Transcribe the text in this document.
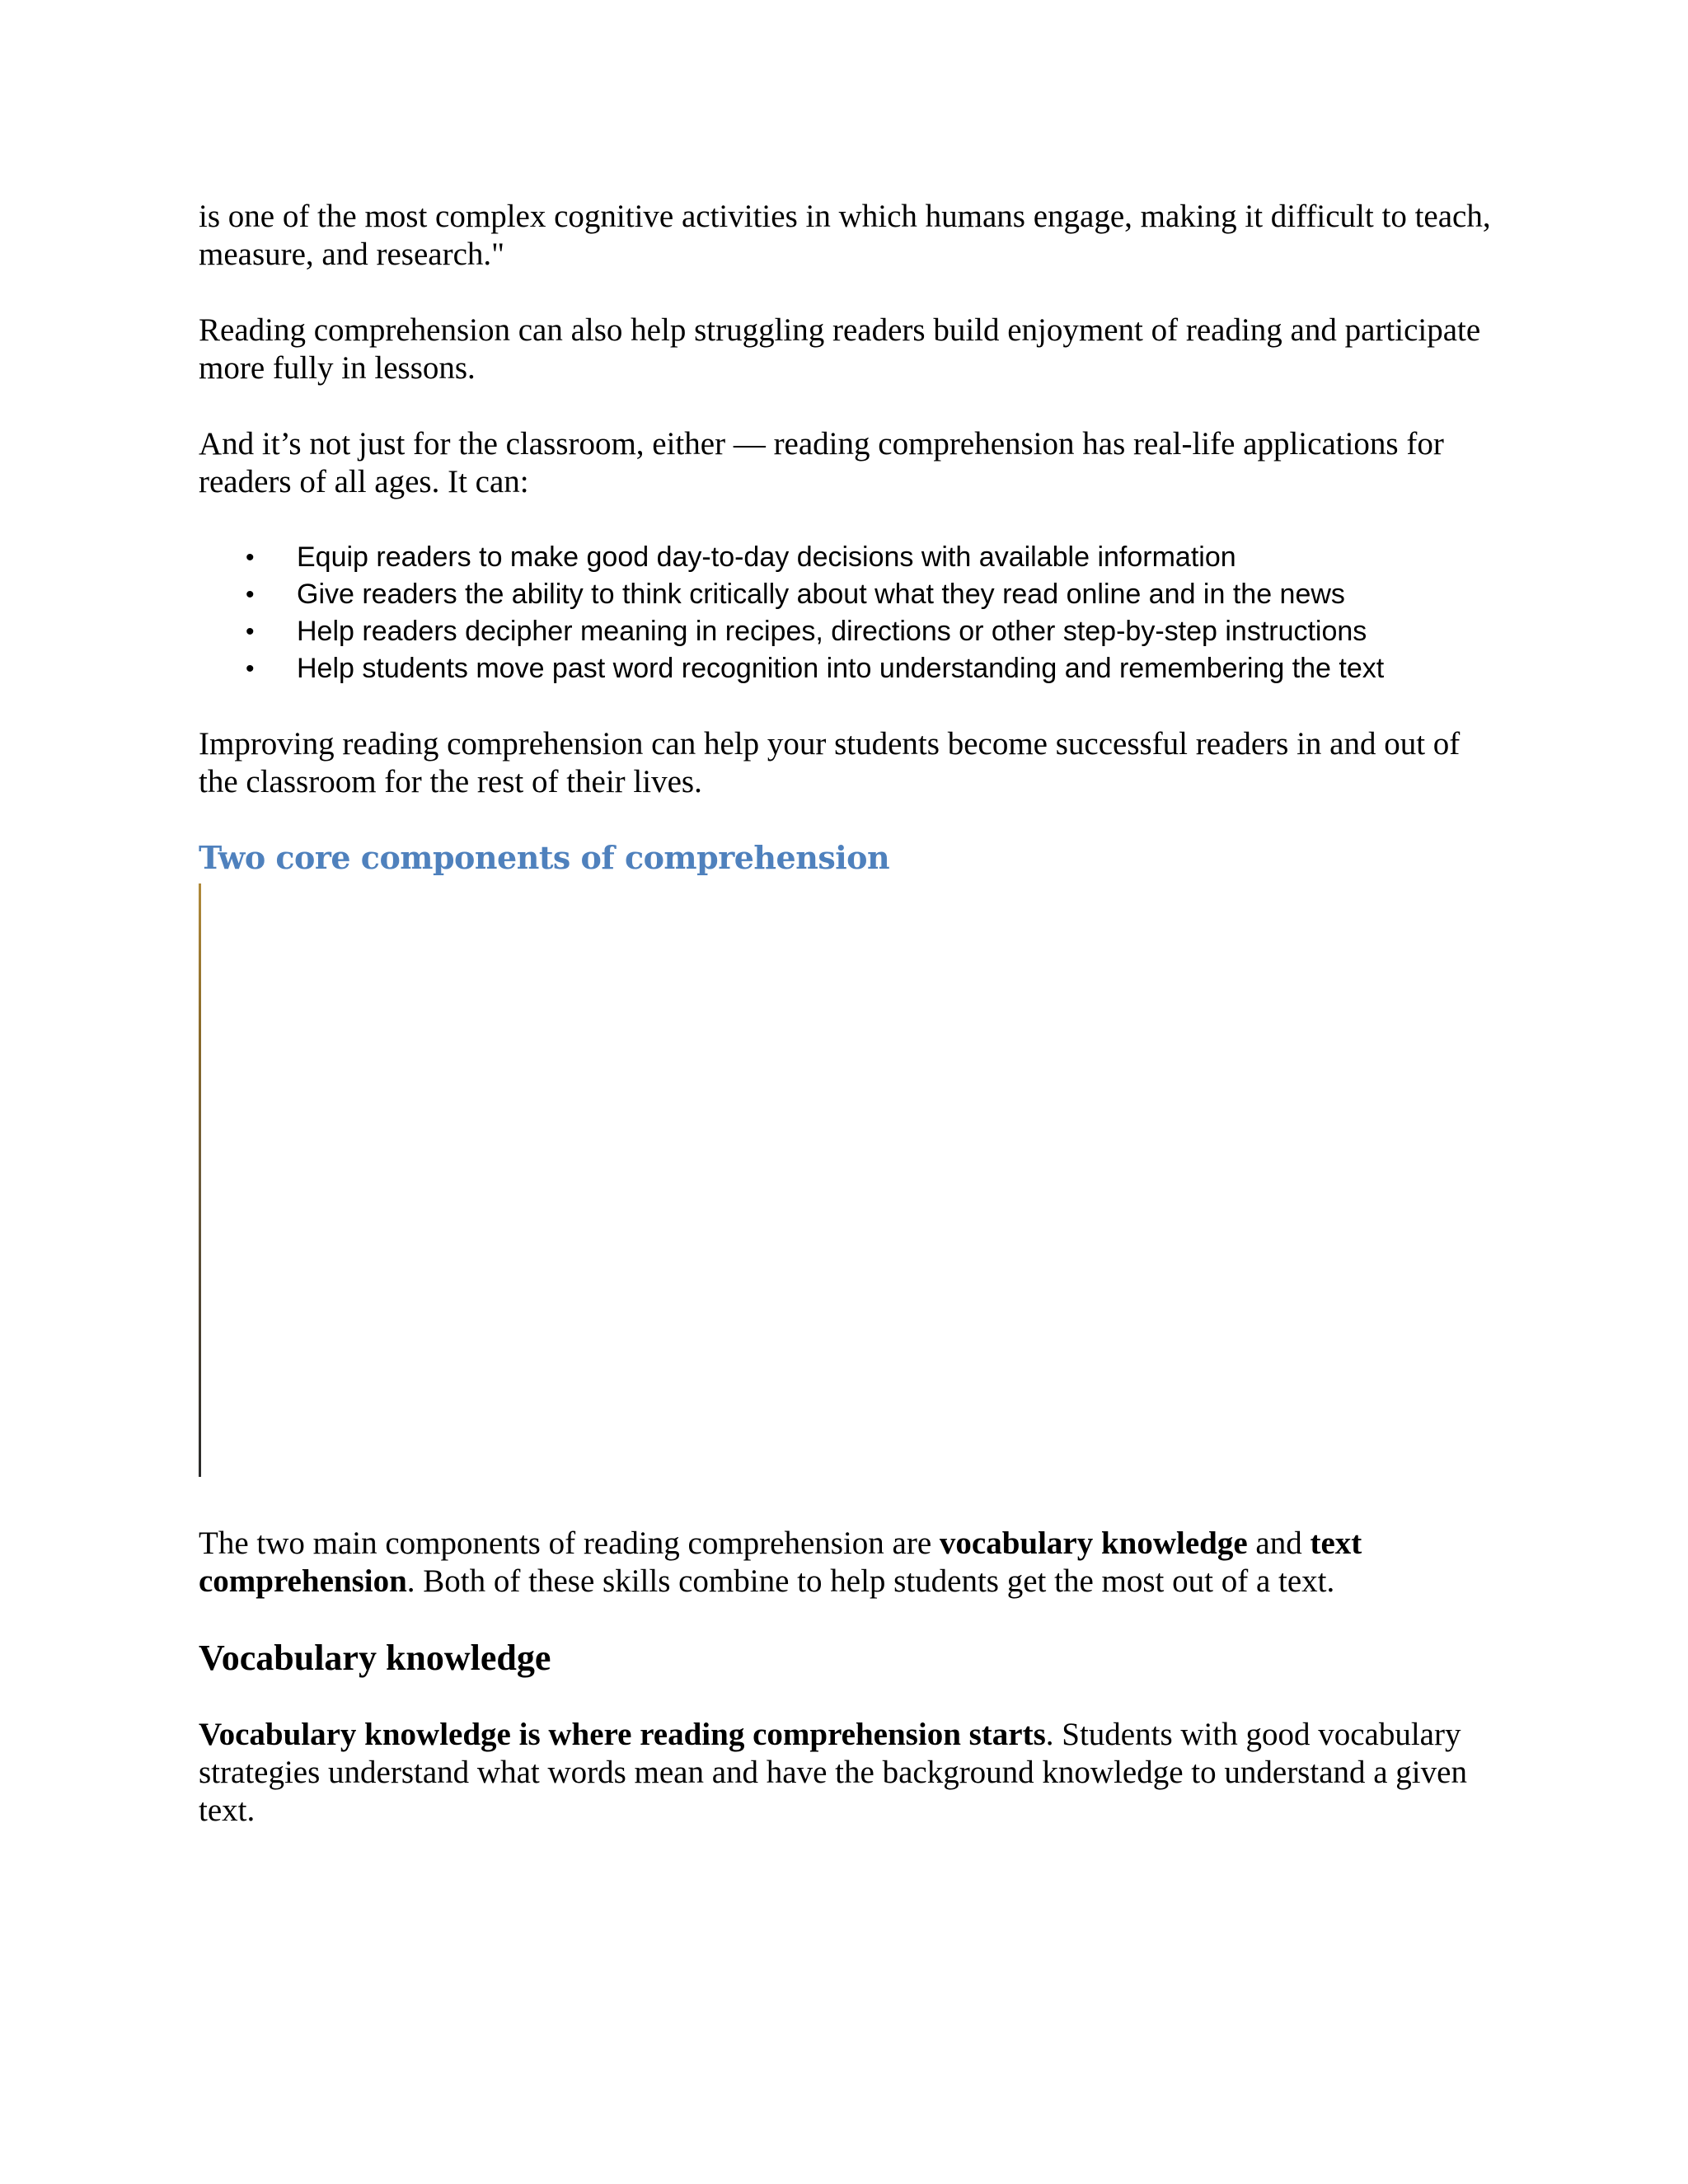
is one of the most complex cognitive activities in which humans engage, making it difficult to teach, measure, and research."

Reading comprehension can also help struggling readers build enjoyment of reading and participate more fully in lessons.

And it’s not just for the classroom, either — reading comprehension has real-life applications for readers of all ages. It can:

• Equip readers to make good day-to-day decisions with available information
• Give readers the ability to think critically about what they read online and in the news
• Help readers decipher meaning in recipes, directions or other step-by-step instructions
• Help students move past word recognition into understanding and remembering the text

Improving reading comprehension can help your students become successful readers in and out of the classroom for the rest of their lives.

Two core components of comprehension

The two main components of reading comprehension are vocabulary knowledge and text comprehension. Both of these skills combine to help students get the most out of a text.

Vocabulary knowledge

Vocabulary knowledge is where reading comprehension starts. Students with good vocabulary strategies understand what words mean and have the background knowledge to understand a given text.
